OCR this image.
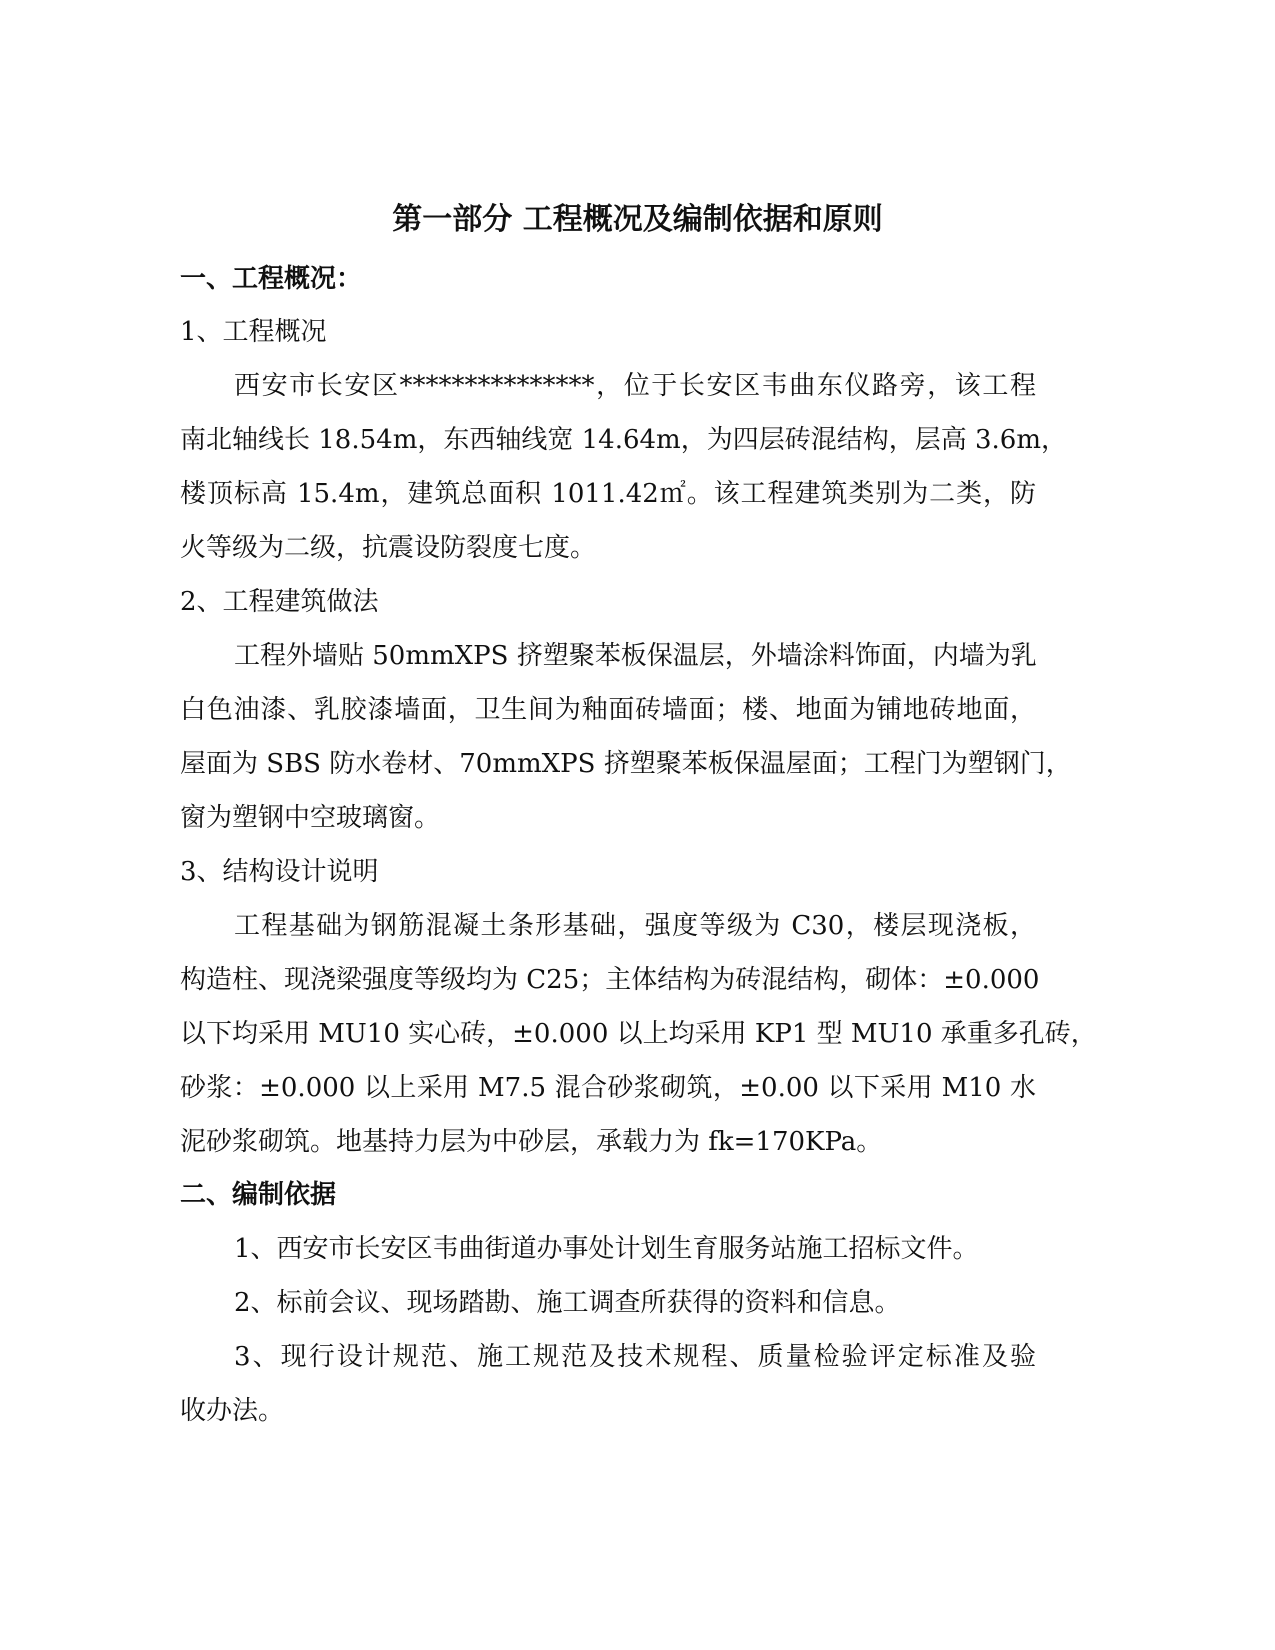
第一部分 工程概况及编制依据和原则
一、工程概况：
1、工程概况
西安市长安区***************，位于长安区韦曲东仪路旁，该工程
南北轴线长 18.54m，东西轴线宽 14.64m，为四层砖混结构，层高 3.6m，
楼顶标高 15.4m，建筑总面积 1011.42㎡。该工程建筑类别为二类，防
火等级为二级，抗震设防裂度七度。
2、工程建筑做法
工程外墙贴 50mmXPS 挤塑聚苯板保温层，外墙涂料饰面，内墙为乳
白色油漆、乳胶漆墙面，卫生间为釉面砖墙面；楼、地面为铺地砖地面，
屋面为 SBS 防水卷材、70mmXPS 挤塑聚苯板保温屋面；工程门为塑钢门，
窗为塑钢中空玻璃窗。
3、结构设计说明
工程基础为钢筋混凝土条形基础，强度等级为 C30，楼层现浇板，
构造柱、现浇梁强度等级均为 C25；主体结构为砖混结构，砌体：±0.000
以下均采用 MU10 实心砖，±0.000 以上均采用 KP1 型 MU10 承重多孔砖，
砂浆：±0.000 以上采用 M7.5 混合砂浆砌筑，±0.00 以下采用 M10 水
泥砂浆砌筑。地基持力层为中砂层，承载力为 fk=170KPa。
二、编制依据
1、西安市长安区韦曲街道办事处计划生育服务站施工招标文件。
2、标前会议、现场踏勘、施工调查所获得的资料和信息。
3、现行设计规范、施工规范及技术规程、质量检验评定标准及验
收办法。
